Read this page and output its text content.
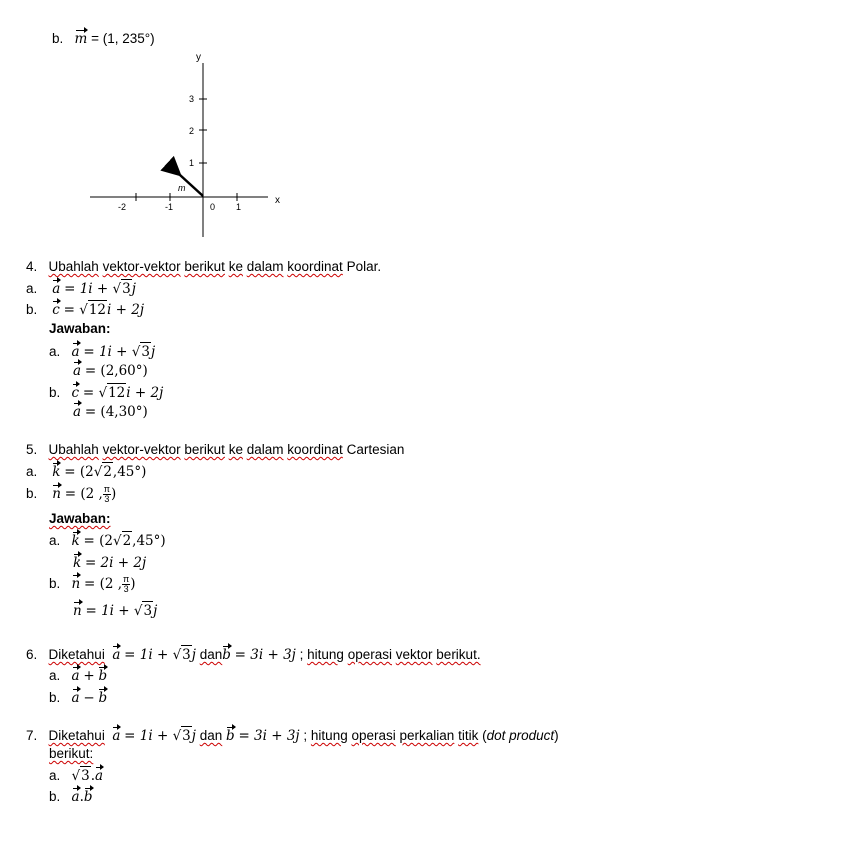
b. m = (1, 235°)
-2	-1	0 1
1
2
3
x
y
m
4. Ubahlah vektor-vektor berikut ke dalam koordinat Polar.
a. a = 1i + √3j
b. c = √12i + 2j
Jawaban:
a. a = 1i + √3j
a = (2,60°)
b. c = √12i + 2j
a = (4,30°)
5. Ubahlah vektor-vektor berikut ke dalam koordinat Cartesian
a. k = (2√2,45°)
b. n = (2 , $\frac{\pi}{3}$ )
Jawaban:
a. k = (2√2,45°)
k = 2i + 2j
b. n = (2 , $\frac{\pi}{3}$ )
n = 1i + √3j
6. Diketahui a = 1i + √3j danb = 3i + 3j ; hitung operasi vektor berikut.
a. a + b
b. a − b
7. Diketahui a = 1i + √3j dan b = 3i + 3j ; hitung operasi perkalian titik (dot product)
berikut:
a. √3.a
b. a.b
